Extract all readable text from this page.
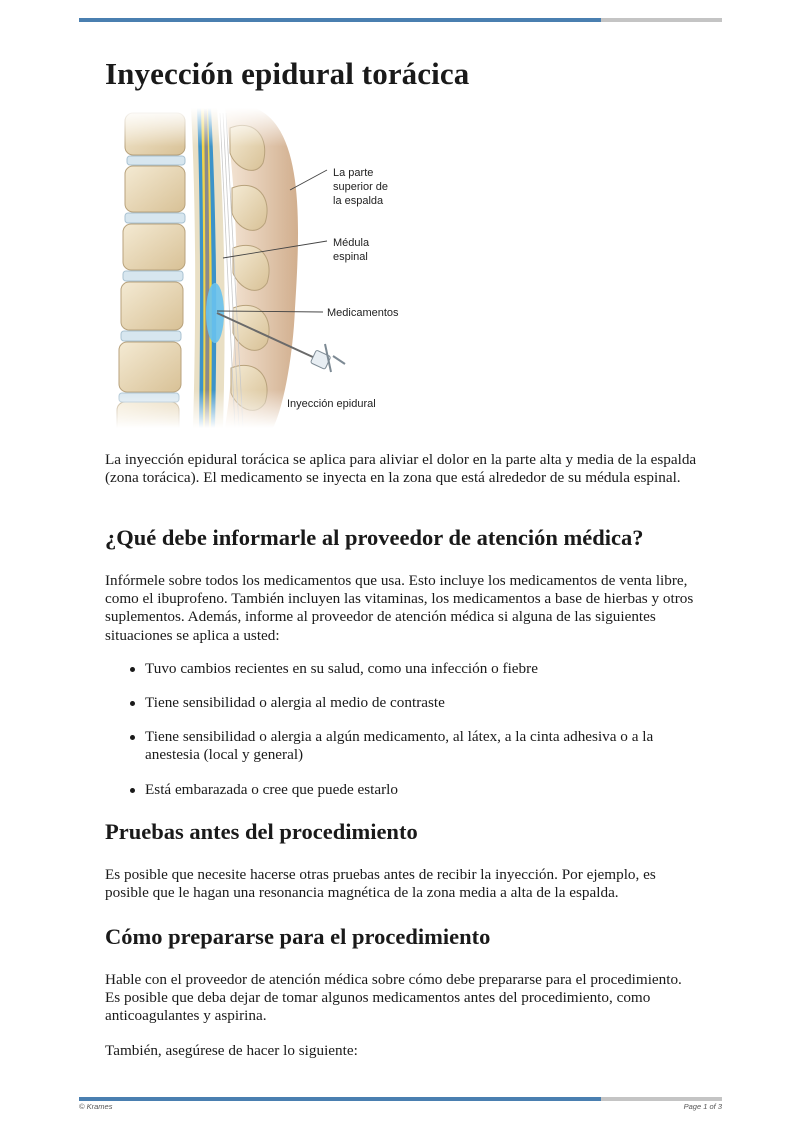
Inyección epidural torácica
La parte
superior de
la espalda
Médula
espinal
Medicamentos
Inyección epidural

La inyección epidural torácica se aplica para aliviar el dolor en la parte alta y media de la espalda (zona torácica). El medicamento se inyecta en la zona que está alrededor de su médula espinal.

¿Qué debe informarle al proveedor de atención médica?

Infórmele sobre todos los medicamentos que usa. Esto incluye los medicamentos de venta libre, como el ibuprofeno. También incluyen las vitaminas, los medicamentos a base de hierbas y otros suplementos. Además, informe al proveedor de atención médica si alguna de las siguientes situaciones se aplica a usted:

Tuvo cambios recientes en su salud, como una infección o fiebre
Tiene sensibilidad o alergia al medio de contraste
Tiene sensibilidad o alergia a algún medicamento, al látex, a la cinta adhesiva o a la anestesia (local y general)
Está embarazada o cree que puede estarlo
Pruebas antes del procedimiento

Es posible que necesite hacerse otras pruebas antes de recibir la inyección. Por ejemplo, es posible que le hagan una resonancia magnética de la zona media a alta de la espalda.

Cómo prepararse para el procedimiento

Hable con el proveedor de atención médica sobre cómo debe prepararse para el procedimiento. Es posible que deba dejar de tomar algunos medicamentos antes del procedimiento, como anticoagulantes y aspirina.

También, asegúrese de hacer lo siguiente:

© Krames	Page 1 of 3
